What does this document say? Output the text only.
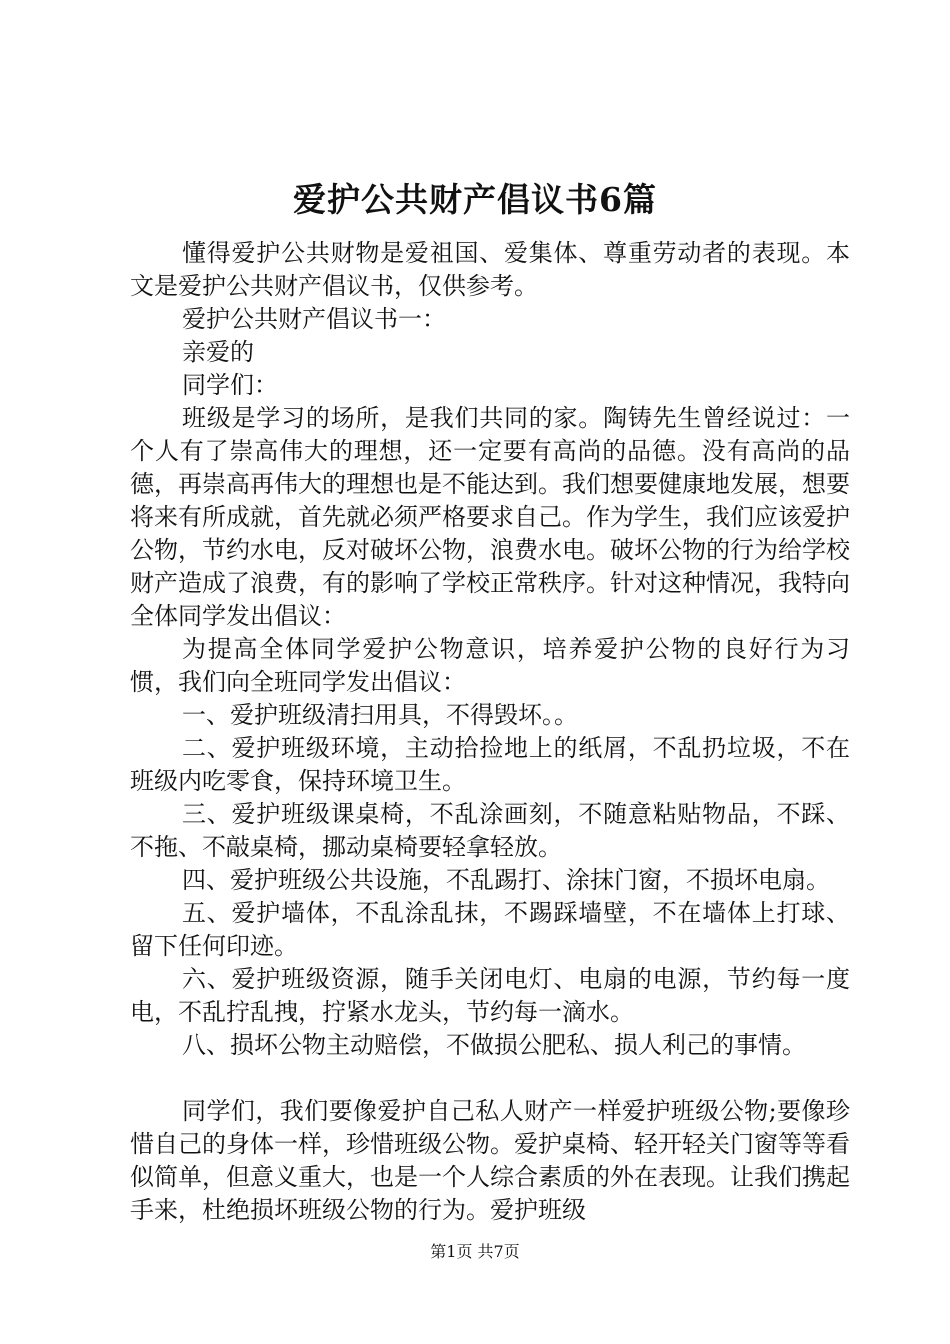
爱护公共财产倡议书6篇

懂得爱护公共财物是爱祖国、爱集体、尊重劳动者的表现。本文是爱护公共财产倡议书，仅供参考。

爱护公共财产倡议书一：

亲爱的

同学们：

班级是学习的场所，是我们共同的家。陶铸先生曾经说过：一个人有了崇高伟大的理想，还一定要有高尚的品德。没有高尚的品德，再崇高再伟大的理想也是不能达到。我们想要健康地发展，想要将来有所成就，首先就必须严格要求自己。作为学生，我们应该爱护公物，节约水电，反对破坏公物，浪费水电。破坏公物的行为给学校财产造成了浪费，有的影响了学校正常秩序。针对这种情况，我特向全体同学发出倡议：

为提高全体同学爱护公物意识，培养爱护公物的良好行为习惯，我们向全班同学发出倡议：

一、爱护班级清扫用具，不得毁坏。。

二、爱护班级环境，主动拾捡地上的纸屑，不乱扔垃圾，不在班级内吃零食，保持环境卫生。

三、爱护班级课桌椅，不乱涂画刻，不随意粘贴物品，不踩、不拖、不敲桌椅，挪动桌椅要轻拿轻放。

四、爱护班级公共设施，不乱踢打、涂抹门窗，不损坏电扇。

五、爱护墙体，不乱涂乱抹，不踢踩墙壁，不在墙体上打球、留下任何印迹。

六、爱护班级资源，随手关闭电灯、电扇的电源，节约每一度电，不乱拧乱拽，拧紧水龙头，节约每一滴水。

八、损坏公物主动赔偿，不做损公肥私、损人利己的事情。

同学们，我们要像爱护自己私人财产一样爱护班级公物;要像珍惜自己的身体一样，珍惜班级公物。爱护桌椅、轻开轻关门窗等等看似简单，但意义重大，也是一个人综合素质的外在表现。让我们携起手来，杜绝损坏班级公物的行为。爱护班级

第1页 共7页
